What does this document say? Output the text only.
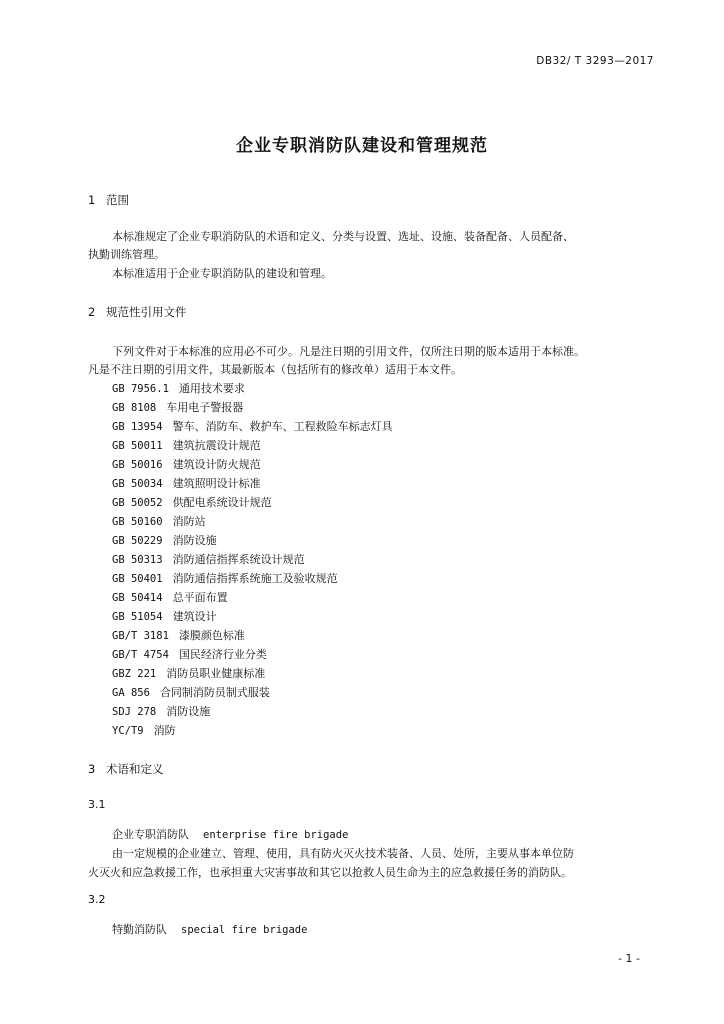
DB32/ T 3293—2017
企业专职消防队建设和管理规范
1 范围
本标准规定了企业专职消防队的术语和定义、分类与设置、选址、设施、装备配备、人员配备、
执勤训练管理。
本标准适用于企业专职消防队的建设和管理。
2 规范性引用文件
下列文件对于本标准的应用必不可少。凡是注日期的引用文件，仅所注日期的版本适用于本标准。
凡是不注日期的引用文件，其最新版本（包括所有的修改单）适用于本文件。
GB 7956.1 通用技术要求
GB 8108 车用电子警报器
GB 13954 警车、消防车、救护车、工程救险车标志灯具
GB 50011 建筑抗震设计规范
GB 50016 建筑设计防火规范
GB 50034 建筑照明设计标准
GB 50052 供配电系统设计规范
GB 50160 消防站
GB 50229 消防设施
GB 50313 消防通信指挥系统设计规范
GB 50401 消防通信指挥系统施工及验收规范
GB 50414 总平面布置
GB 51054 建筑设计
GB/T 3181 漆膜颜色标准
GB/T 4754 国民经济行业分类
GBZ 221 消防员职业健康标准
GA 856 合同制消防员制式服装
SDJ 278 消防设施
YC/T9 消防
3 术语和定义
3.1
企业专职消防队 enterprise fire brigade
由一定规模的企业建立、管理、使用，具有防火灭火技术装备、人员、处所，主要从事本单位防
火灭火和应急救援工作，也承担重大灾害事故和其它以抢救人员生命为主的应急救援任务的消防队。
3.2
特勤消防队 special fire brigade
- 1 -
